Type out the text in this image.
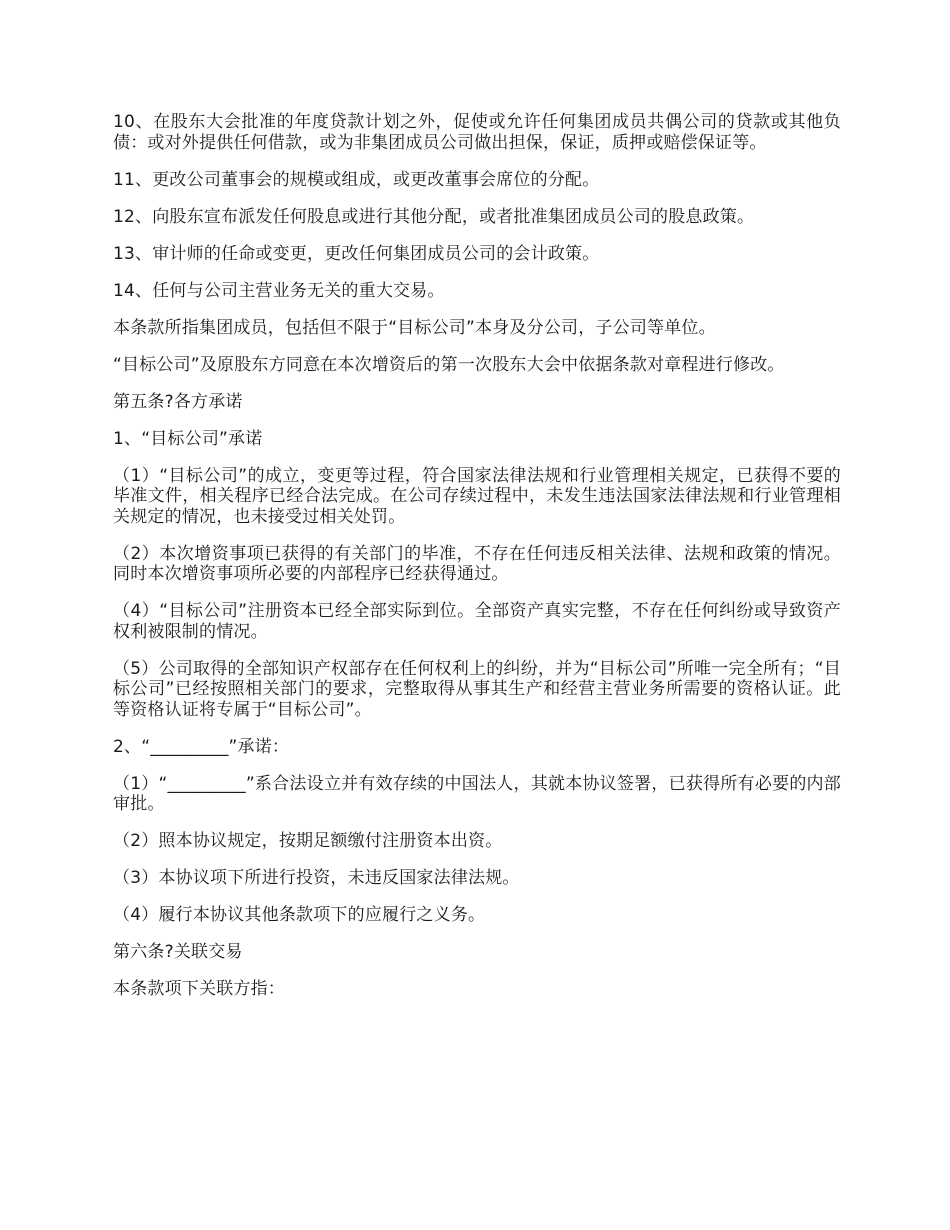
10、在股东大会批准的年度贷款计划之外，促使或允许任何集团成员共偶公司的贷款或其他负债：或对外提供任何借款，或为非集团成员公司做出担保，保证，质押或赔偿保证等。

11、更改公司董事会的规模或组成，或更改董事会席位的分配。

12、向股东宣布派发任何股息或进行其他分配，或者批准集团成员公司的股息政策。

13、审计师的任命或变更，更改任何集团成员公司的会计政策。

14、任何与公司主营业务无关的重大交易。

本条款所指集团成员，包括但不限于“目标公司”本身及分公司，子公司等单位。

“目标公司”及原股东方同意在本次增资后的第一次股东大会中依据条款对章程进行修改。

第五条?各方承诺

1、“目标公司”承诺

（1）“目标公司”的成立，变更等过程，符合国家法律法规和行业管理相关规定，已获得不要的毕准文件，相关程序已经合法完成。在公司存续过程中，未发生违法国家法律法规和行业管理相关规定的情况，也未接受过相关处罚。

（2）本次增资事项已获得的有关部门的毕准，不存在任何违反相关法律、法规和政策的情况。同时本次增资事项所必要的内部程序已经获得通过。

（4）“目标公司”注册资本已经全部实际到位。全部资产真实完整，不存在任何纠纷或导致资产权利被限制的情况。

（5）公司取得的全部知识产权部存在任何权利上的纠纷，并为“目标公司”所唯一完全所有；“目标公司”已经按照相关部门的要求，完整取得从事其生产和经营主营业务所需要的资格认证。此等资格认证将专属于“目标公司”。

2、“_________”承诺：

（1）“_________”系合法设立并有效存续的中国法人，其就本协议签署，已获得所有必要的内部审批。

（2）照本协议规定，按期足额缴付注册资本出资。

（3）本协议项下所进行投资，未违反国家法律法规。

（4）履行本协议其他条款项下的应履行之义务。

第六条?关联交易

本条款项下关联方指：
